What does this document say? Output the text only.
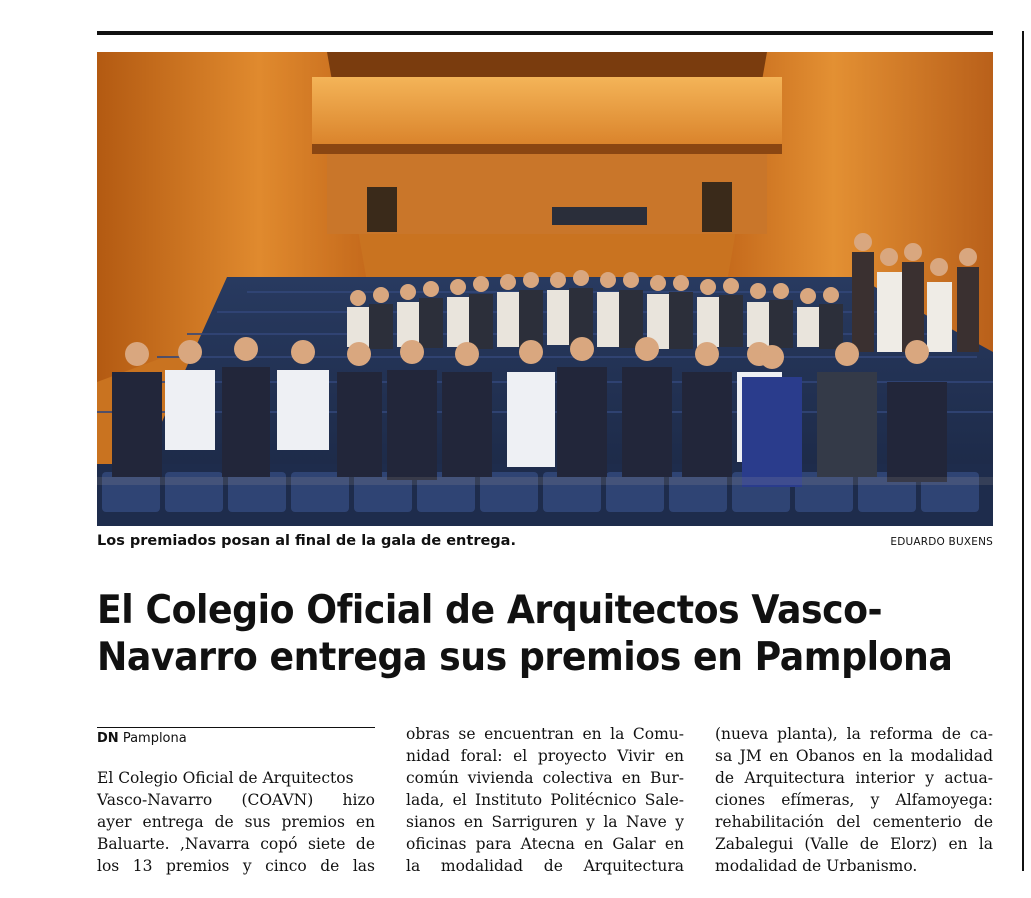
Los premiados posan al final de la gala de entrega.	EDUARDO BUXENS
El Colegio Oficial de Arquitectos Vasco-
Navarro entrega sus premios en Pamplona
DN Pamplona
El Colegio Oficial de Arquitectos
Vasco-Navarro (COAVN) hizo
ayer entrega de sus premios en
Baluarte. ,Navarra copó siete de
los 13 premios y cinco de las
obras se encuentran en la Comu-
nidad foral: el proyecto Vivir en
común vivienda colectiva en Bur-
lada, el Instituto Politécnico Sale-
sianos en Sarriguren y la Nave y
oficinas para Atecna en Galar en
la modalidad de Arquitectura
(nueva planta), la reforma de ca-
sa JM en Obanos en la modalidad
de Arquitectura interior y actua-
ciones efímeras, y Alfamoyega:
rehabilitación del cementerio de
Zabalegui (Valle de Elorz) en la
modalidad de Urbanismo.
